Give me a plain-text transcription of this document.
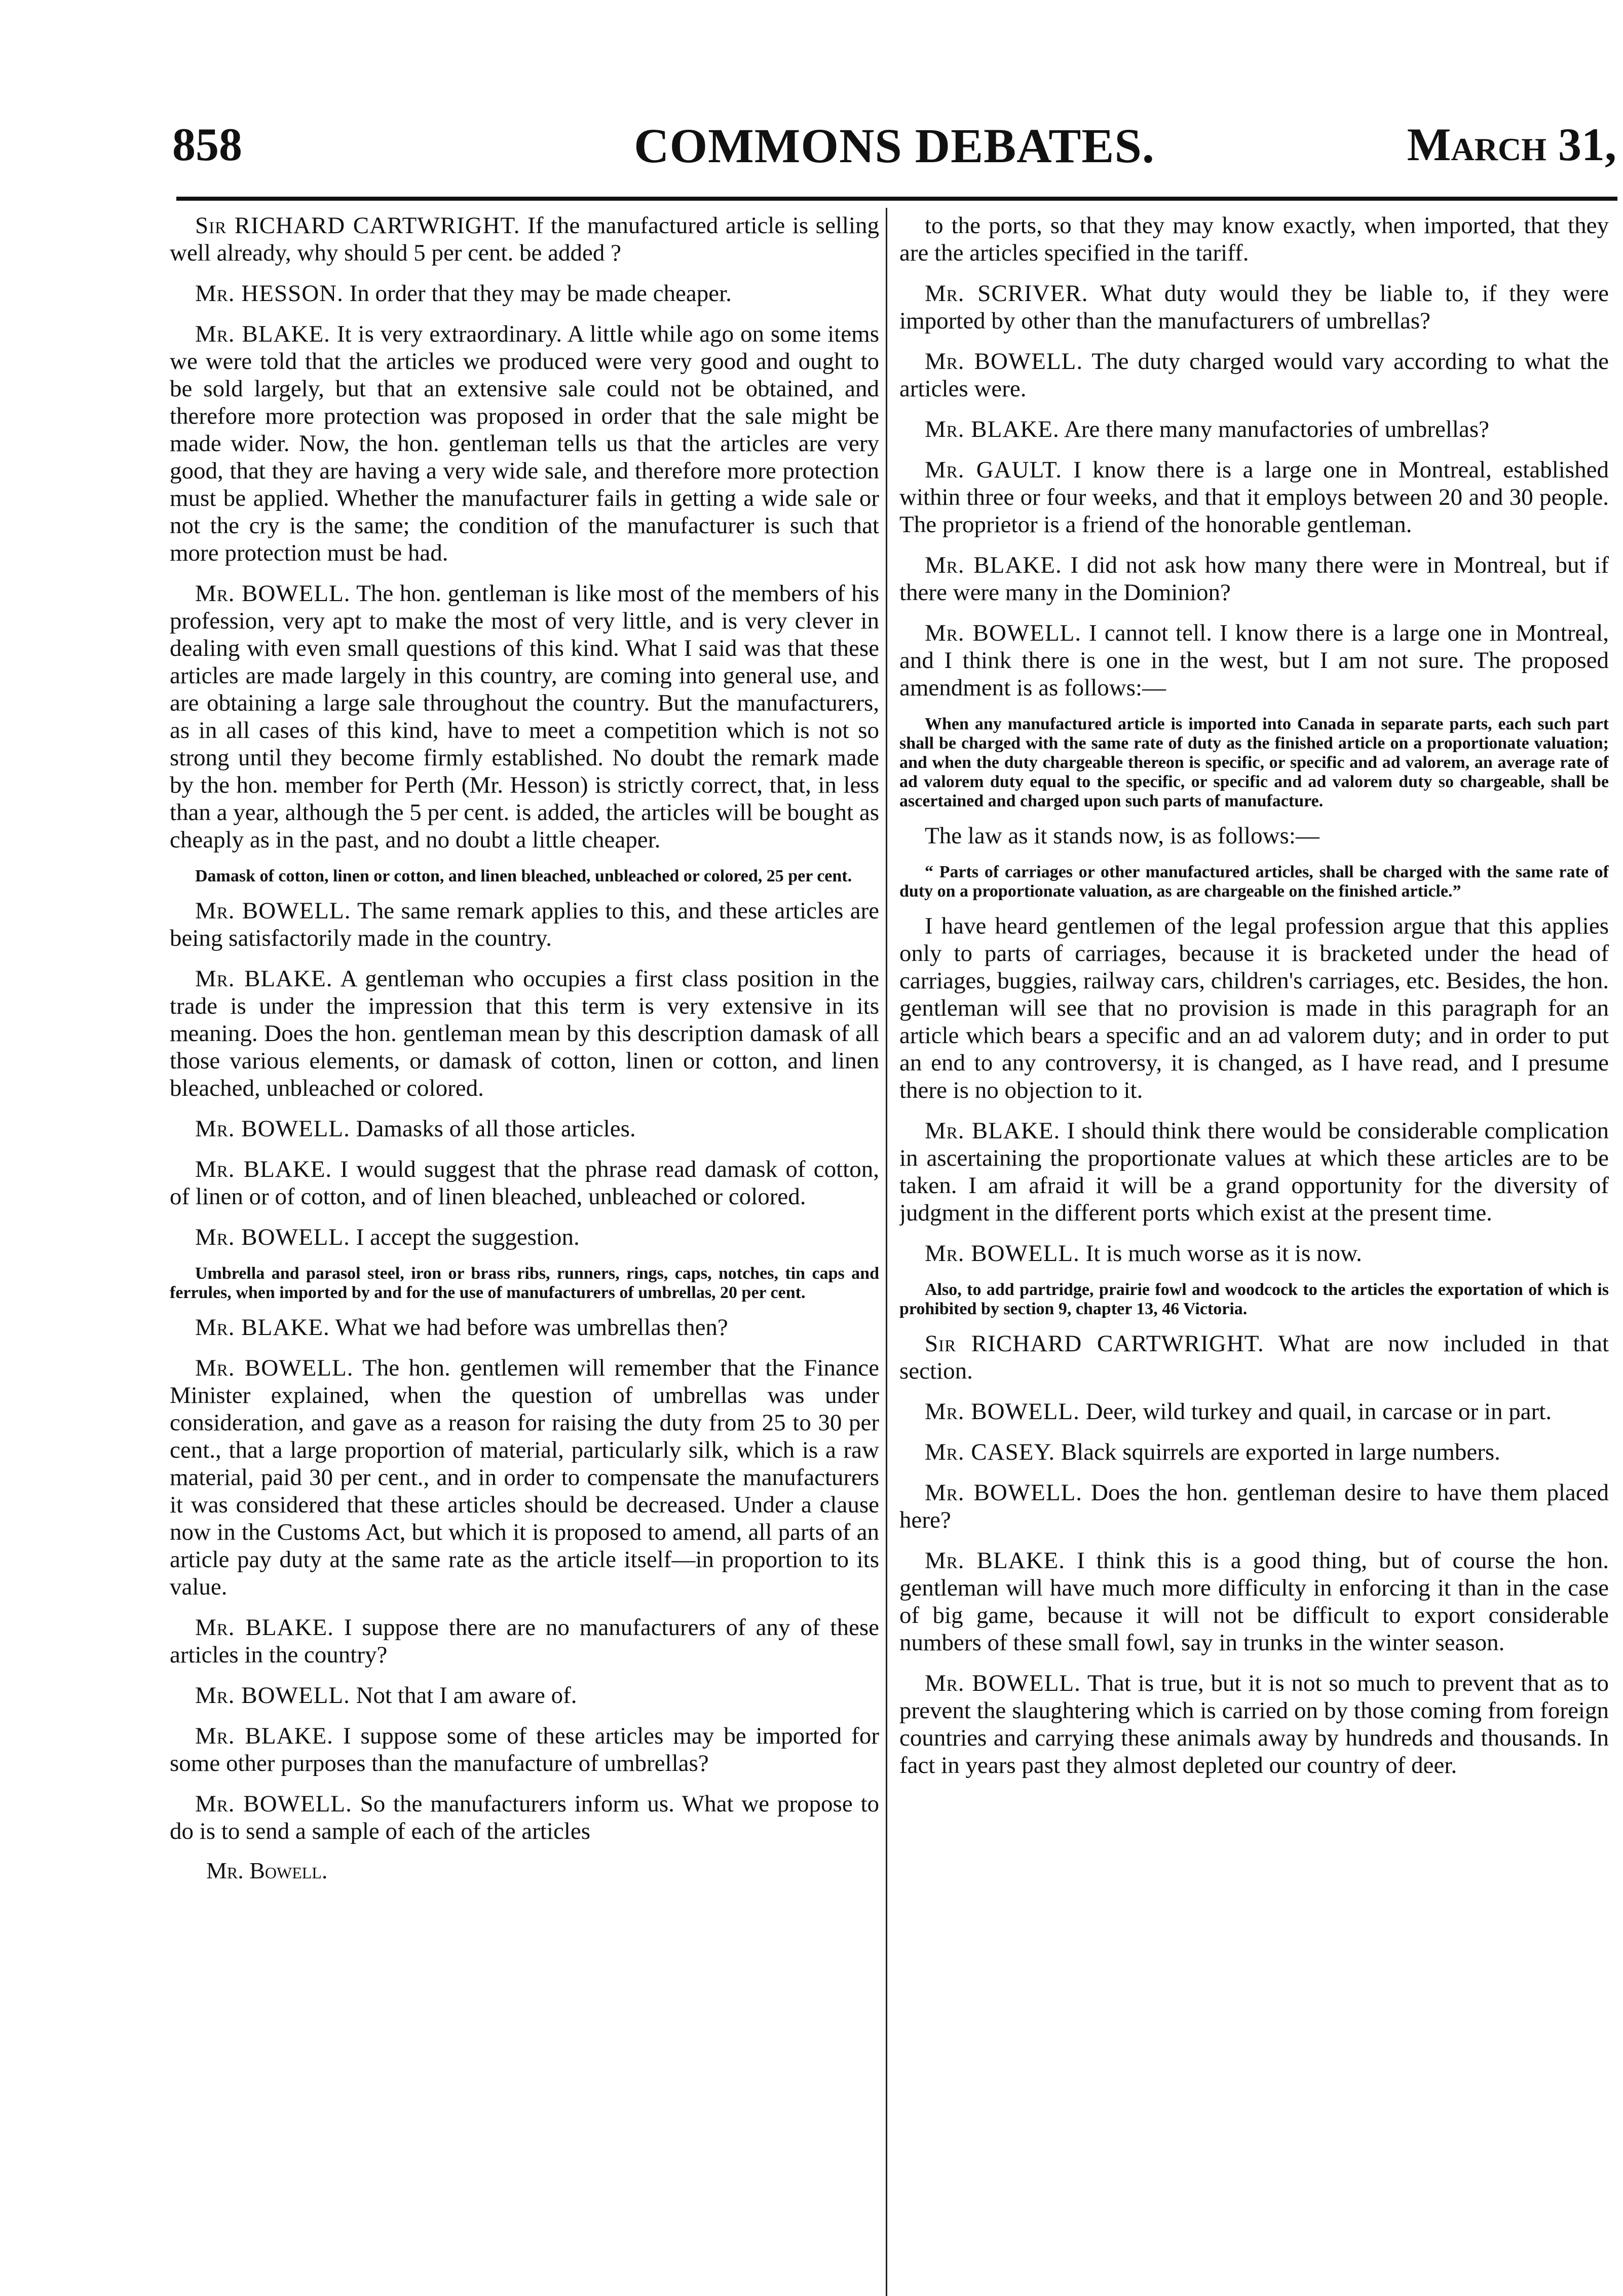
858	COMMONS DEBATES.	March 31,

Sir RICHARD CARTWRIGHT. If the manufactured article is selling well already, why should 5 per cent. be added ?

Mr. HESSON. In order that they may be made cheaper.

Mr. BLAKE. It is very extraordinary. A little while ago on some items we were told that the articles we produced were very good and ought to be sold largely, but that an extensive sale could not be obtained, and therefore more protection was proposed in order that the sale might be made wider. Now, the hon. gentleman tells us that the articles are very good, that they are having a very wide sale, and therefore more protection must be applied. Whether the manufacturer fails in getting a wide sale or not the cry is the same; the condition of the manufacturer is such that more protection must be had.

Mr. BOWELL. The hon. gentleman is like most of the members of his profession, very apt to make the most of very little, and is very clever in dealing with even small questions of this kind. What I said was that these articles are made largely in this country, are coming into general use, and are obtaining a large sale throughout the country. But the manufacturers, as in all cases of this kind, have to meet a competition which is not so strong until they become firmly established. No doubt the remark made by the hon. member for Perth (Mr. Hesson) is strictly correct, that, in less than a year, although the 5 per cent. is added, the articles will be bought as cheaply as in the past, and no doubt a little cheaper.

Damask of cotton, linen or cotton, and linen bleached, unbleached or colored, 25 per cent.

Mr. BOWELL. The same remark applies to this, and these articles are being satisfactorily made in the country.

Mr. BLAKE. A gentleman who occupies a first class position in the trade is under the impression that this term is very extensive in its meaning. Does the hon. gentleman mean by this description damask of all those various elements, or damask of cotton, linen or cotton, and linen bleached, unbleached or colored.

Mr. BOWELL. Damasks of all those articles.

Mr. BLAKE. I would suggest that the phrase read damask of cotton, of linen or of cotton, and of linen bleached, unbleached or colored.

Mr. BOWELL. I accept the suggestion.

Umbrella and parasol steel, iron or brass ribs, runners, rings, caps, notches, tin caps and ferrules, when imported by and for the use of manufacturers of umbrellas, 20 per cent.

Mr. BLAKE. What we had before was umbrellas then?

Mr. BOWELL. The hon. gentlemen will remember that the Finance Minister explained, when the question of umbrellas was under consideration, and gave as a reason for raising the duty from 25 to 30 per cent., that a large proportion of material, particularly silk, which is a raw material, paid 30 per cent., and in order to compensate the manufacturers it was considered that these articles should be decreased. Under a clause now in the Customs Act, but which it is proposed to amend, all parts of an article pay duty at the same rate as the article itself—in proportion to its value.

Mr. BLAKE. I suppose there are no manufacturers of any of these articles in the country?

Mr. BOWELL. Not that I am aware of.

Mr. BLAKE. I suppose some of these articles may be imported for some other purposes than the manufacture of umbrellas?

Mr. BOWELL. So the manufacturers inform us. What we propose to do is to send a sample of each of the articles

Mr. Bowell.

to the ports, so that they may know exactly, when imported, that they are the articles specified in the tariff.

Mr. SCRIVER. What duty would they be liable to, if they were imported by other than the manufacturers of umbrellas?

Mr. BOWELL. The duty charged would vary according to what the articles were.

Mr. BLAKE. Are there many manufactories of umbrellas?

Mr. GAULT. I know there is a large one in Montreal, established within three or four weeks, and that it employs between 20 and 30 people. The proprietor is a friend of the honorable gentleman.

Mr. BLAKE. I did not ask how many there were in Montreal, but if there were many in the Dominion?

Mr. BOWELL. I cannot tell. I know there is a large one in Montreal, and I think there is one in the west, but I am not sure. The proposed amendment is as follows:—

When any manufactured article is imported into Canada in separate parts, each such part shall be charged with the same rate of duty as the finished article on a proportionate valuation; and when the duty chargeable thereon is specific, or specific and ad valorem, an average rate of ad valorem duty equal to the specific, or specific and ad valorem duty so chargeable, shall be ascertained and charged upon such parts of manufacture.

The law as it stands now, is as follows:—

“ Parts of carriages or other manufactured articles, shall be charged with the same rate of duty on a proportionate valuation, as are chargeable on the finished article.”

I have heard gentlemen of the legal profession argue that this applies only to parts of carriages, because it is bracketed under the head of carriages, buggies, railway cars, children's carriages, etc. Besides, the hon. gentleman will see that no provision is made in this paragraph for an article which bears a specific and an ad valorem duty; and in order to put an end to any controversy, it is changed, as I have read, and I presume there is no objection to it.

Mr. BLAKE. I should think there would be considerable complication in ascertaining the proportionate values at which these articles are to be taken. I am afraid it will be a grand opportunity for the diversity of judgment in the different ports which exist at the present time.

Mr. BOWELL. It is much worse as it is now.

Also, to add partridge, prairie fowl and woodcock to the articles the exportation of which is prohibited by section 9, chapter 13, 46 Victoria.

Sir RICHARD CARTWRIGHT. What are now included in that section.

Mr. BOWELL. Deer, wild turkey and quail, in carcase or in part.

Mr. CASEY. Black squirrels are exported in large numbers.

Mr. BOWELL. Does the hon. gentleman desire to have them placed here?

Mr. BLAKE. I think this is a good thing, but of course the hon. gentleman will have much more difficulty in enforcing it than in the case of big game, because it will not be difficult to export considerable numbers of these small fowl, say in trunks in the winter season.

Mr. BOWELL. That is true, but it is not so much to prevent that as to prevent the slaughtering which is carried on by those coming from foreign countries and carrying these animals away by hundreds and thousands. In fact in years past they almost depleted our country of deer.
